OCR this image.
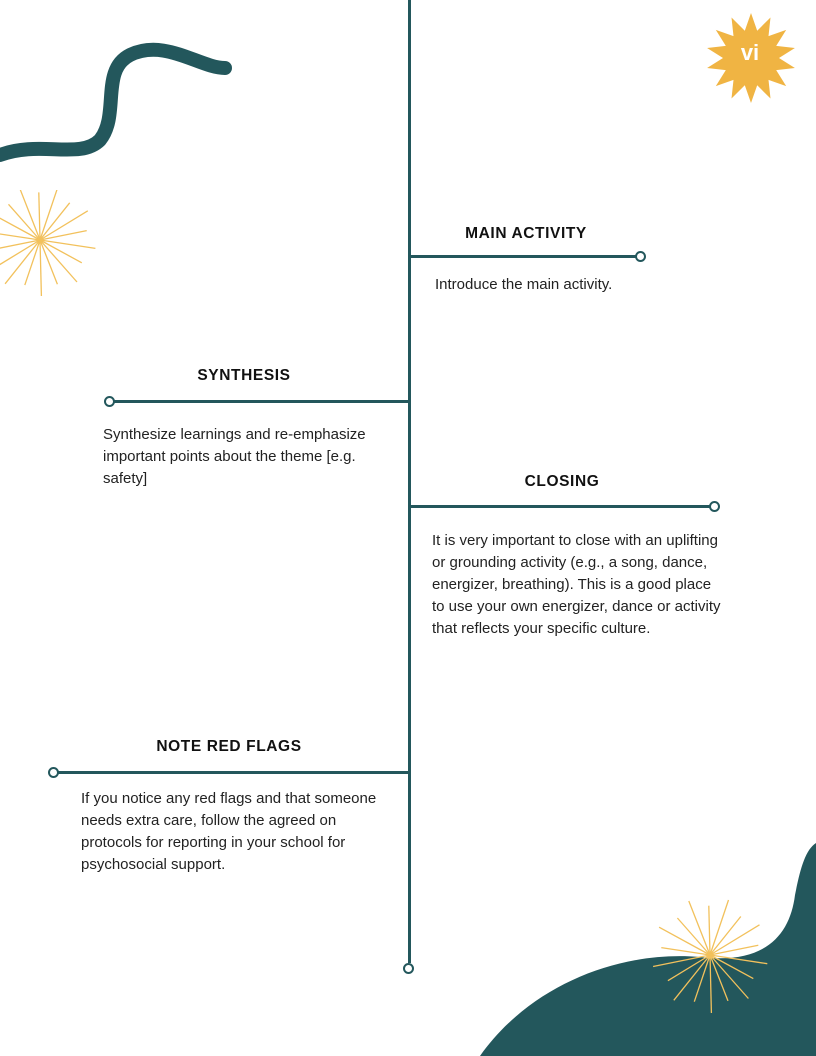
vi
MAIN ACTIVITY
Introduce the main activity.
SYNTHESIS
Synthesize learnings and re-emphasize important points about the theme [e.g. safety]	CLOSING
It is very important to close with an uplifting or grounding activity (e.g., a song, dance, energizer, breathing). This is a good place to use your own energizer, dance or activity that reflects your specific culture.
NOTE RED FLAGS
If you notice any red flags and that someone needs extra care, follow the agreed on protocols for reporting in your school for psychosocial support.
